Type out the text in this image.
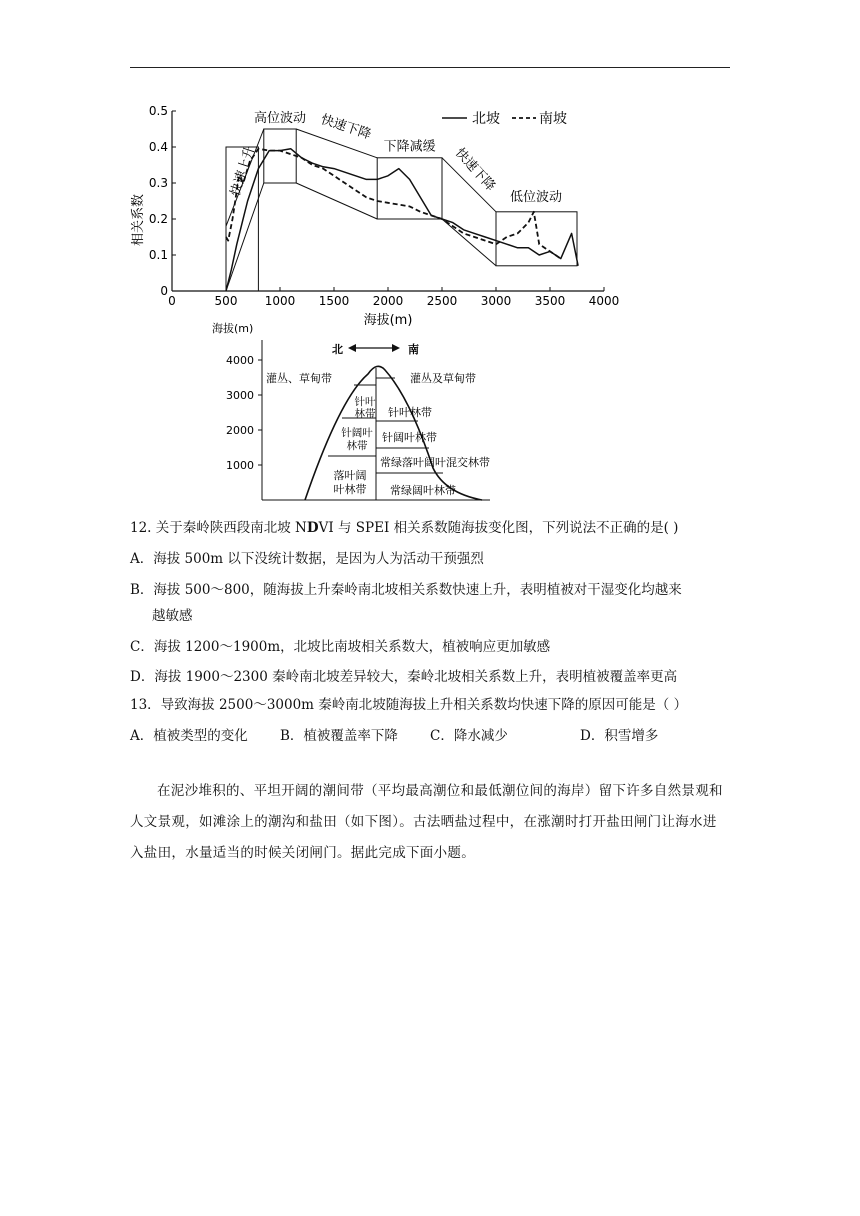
0	500 1000 1500 2000 2500 3000 3500 4000
0
0.1
0.2
0.3
0.4
0.5
快速上升
高位波动 快速下降
下降减缓 快速下降
低位波动
北坡	南坡
相关系数
海拔(m)
海拔(m)
1000
2000
3000
4000
北	南
灌丛、草甸带
针叶林带
针阔叶林带
落叶阔叶林带
灌丛及草甸带
针叶林带
针阔叶林带
常绿落叶阔叶混交林带
常绿阔叶林带
12. 关于秦岭陕西段南北坡 NDVI 与 SPEI 相关系数随海拔变化图，下列说法不正确的是( )
A．海拔 500m 以下没统计数据，是因为人为活动干预强烈
B．海拔 500～800，随海拔上升秦岭南北坡相关系数快速上升，表明植被对干湿变化均越来
越敏感
C．海拔 1200～1900m，北坡比南坡相关系数大，植被响应更加敏感
D．海拔 1900～2300 秦岭南北坡差异较大，秦岭北坡相关系数上升，表明植被覆盖率更高
13．导致海拔 2500～3000m 秦岭南北坡随海拔上升相关系数均快速下降的原因可能是（ ）
A．植被类型的变化 B．植被覆盖率下降 C．降水减少	D．积雪增多
在泥沙堆积的、平坦开阔的潮间带（平均最高潮位和最低潮位间的海岸）留下许多自然景观和人文景观，如滩涂上的潮沟和盐田（如下图）。古法晒盐过程中，在涨潮时打开盐田闸门让海水进入盐田，水量适当的时候关闭闸门。据此完成下面小题。
